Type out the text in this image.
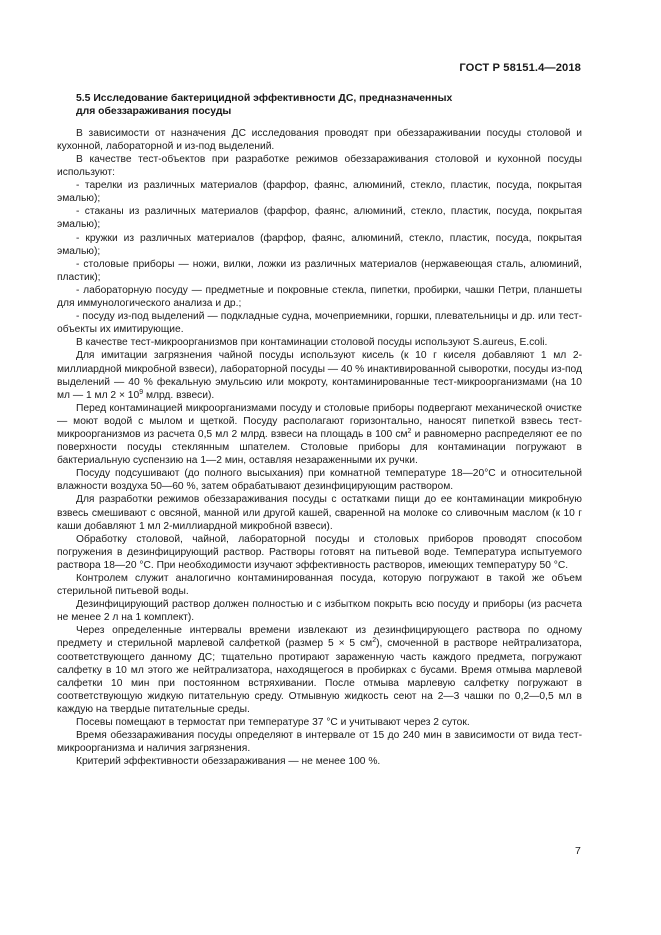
ГОСТ Р 58151.4—2018
5.5 Исследование бактерицидной эффективности ДС, предназначенных
для обеззараживания посуды

В зависимости от назначения ДС исследования проводят при обеззараживании посуды столовой и кухонной, лабораторной и из-под выделений.

В качестве тест-объектов при разработке режимов обеззараживания столовой и кухонной посуды используют:

- тарелки из различных материалов (фарфор, фаянс, алюминий, стекло, пластик, посуда, покрытая эмалью);

- стаканы из различных материалов (фарфор, фаянс, алюминий, стекло, пластик, посуда, покрытая эмалью);

- кружки из различных материалов (фарфор, фаянс, алюминий, стекло, пластик, посуда, покрытая эмалью);

- столовые приборы — ножи, вилки, ложки из различных материалов (нержавеющая сталь, алюминий, пластик);

- лабораторную посуду — предметные и покровные стекла, пипетки, пробирки, чашки Петри, планшеты для иммунологического анализа и др.;

- посуду из-под выделений — подкладные судна, мочеприемники, горшки, плевательницы и др. или тест-объекты их имитирующие.

В качестве тест-микроорганизмов при контаминации столовой посуды используют S.aureus, E.coli.

Для имитации загрязнения чайной посуды используют кисель (к 10 г киселя добавляют 1 мл 2-миллиардной микробной взвеси), лабораторной посуды — 40 % инактивированной сыворотки, посуды из-под выделений — 40 % фекальную эмульсию или мокроту, контаминированные тест-микроорганизмами (на 10 мл — 1 мл $2 \times 10^9$ млрд. взвеси).

Перед контаминацией микроорганизмами посуду и столовые приборы подвергают механической очистке — моют водой с мылом и щеткой. Посуду располагают горизонтально, наносят пипеткой взвесь тест-микроорганизмов из расчета 0,5 мл 2 млрд. взвеси на площадь в 100 $см^2$ и равномерно распределяют ее по поверхности посуды стеклянным шпателем. Столовые приборы для контаминации погружают в бактериальную суспензию на 1—2 мин, оставляя незараженными их ручки.

Посуду подсушивают (до полного высыхания) при комнатной температуре 18—20°С и относительной влажности воздуха 50—60 %, затем обрабатывают дезинфицирующим раствором.

Для разработки режимов обеззараживания посуды с остатками пищи до ее контаминации микробную взвесь смешивают с овсяной, манной или другой кашей, сваренной на молоке со сливочным маслом (к 10 г каши добавляют 1 мл 2-миллиардной микробной взвеси).

Обработку столовой, чайной, лабораторной посуды и столовых приборов проводят способом погружения в дезинфицирующий раствор. Растворы готовят на питьевой воде. Температура испытуемого раствора 18—20 °С. При необходимости изучают эффективность растворов, имеющих температуру 50 °С.

Контролем служит аналогично контаминированная посуда, которую погружают в такой же объем стерильной питьевой воды.

Дезинфицирующий раствор должен полностью и с избытком покрыть всю посуду и приборы (из расчета не менее 2 л на 1 комплект).

Через определенные интервалы времени извлекают из дезинфицирующего раствора по одному предмету и стерильной марлевой салфеткой (размер 5 × 5 $см^2$), смоченной в растворе нейтрализатора, соответствующего данному ДС; тщательно протирают зараженную часть каждого предмета, погружают салфетку в 10 мл этого же нейтрализатора, находящегося в пробирках с бусами. Время отмыва марлевой салфетки 10 мин при постоянном встряхивании. После отмыва марлевую салфетку погружают в соответствующую жидкую питательную среду. Отмывную жидкость сеют на 2—3 чашки по 0,2—0,5 мл в каждую на твердые питательные среды.

Посевы помещают в термостат при температуре 37 °С и учитывают через 2 суток.

Время обеззараживания посуды определяют в интервале от 15 до 240 мин в зависимости от вида тест-микроорганизма и наличия загрязнения.

Критерий эффективности обеззараживания — не менее 100 %.

7
